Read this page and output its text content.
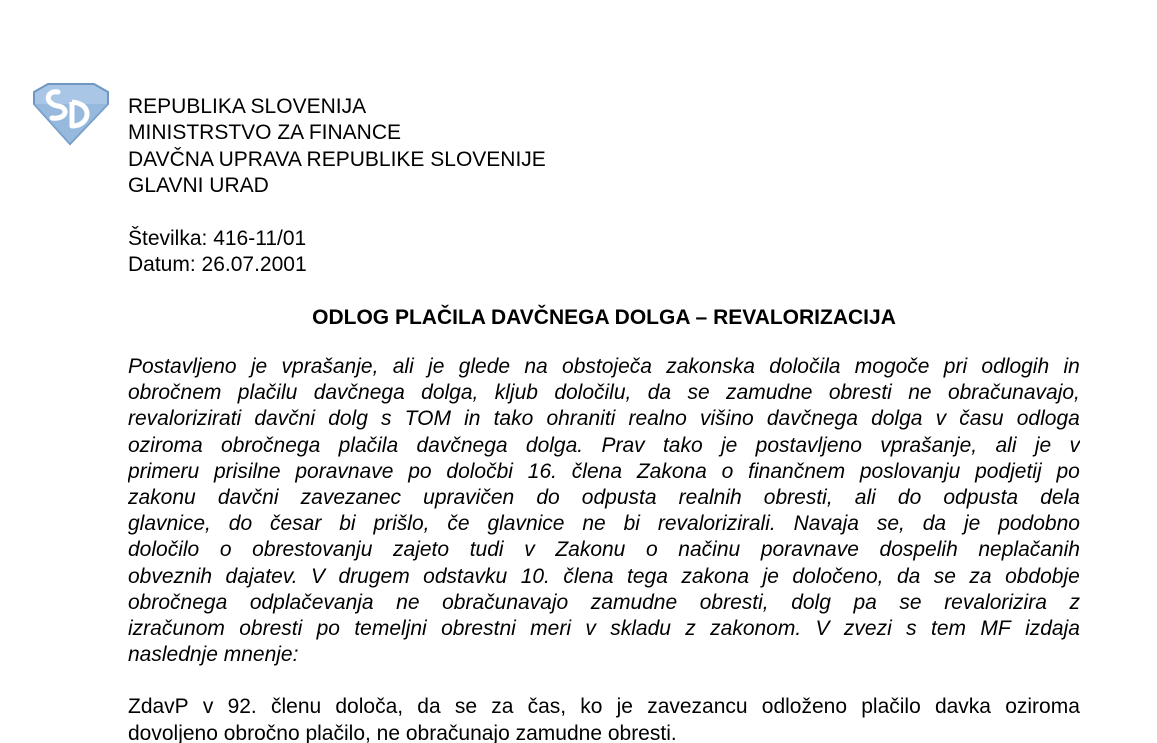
REPUBLIKA SLOVENIJA
MINISTRSTVO ZA FINANCE
DAVČNA UPRAVA REPUBLIKE SLOVENIJE
GLAVNI URAD
Številka: 416-11/01
Datum: 26.07.2001
ODLOG PLAČILA DAVČNEGA DOLGA – REVALORIZACIJA
Postavljeno je vprašanje, ali je glede na obstoječa zakonska določila mogoče pri odlogih in
obročnem plačilu davčnega dolga, kljub določilu, da se zamudne obresti ne obračunavajo,
revalorizirati davčni dolg s TOM in tako ohraniti realno višino davčnega dolga v času odloga
oziroma obročnega plačila davčnega dolga. Prav tako je postavljeno vprašanje, ali je v
primeru prisilne poravnave po določbi 16. člena Zakona o finančnem poslovanju podjetij po
zakonu davčni zavezanec upravičen do odpusta realnih obresti, ali do odpusta dela
glavnice, do česar bi prišlo, če glavnice ne bi revalorizirali. Navaja se, da je podobno
določilo o obrestovanju zajeto tudi v Zakonu o načinu poravnave dospelih neplačanih
obveznih dajatev. V drugem odstavku 10. člena tega zakona je določeno, da se za obdobje
obročnega odplačevanja ne obračunavajo zamudne obresti, dolg pa se revalorizira z
izračunom obresti po temeljni obrestni meri v skladu z zakonom. V zvezi s tem MF izdaja
naslednje mnenje:
ZdavP v 92. členu določa, da se za čas, ko je zavezancu odloženo plačilo davka oziroma
dovoljeno obročno plačilo, ne obračunajo zamudne obresti.
